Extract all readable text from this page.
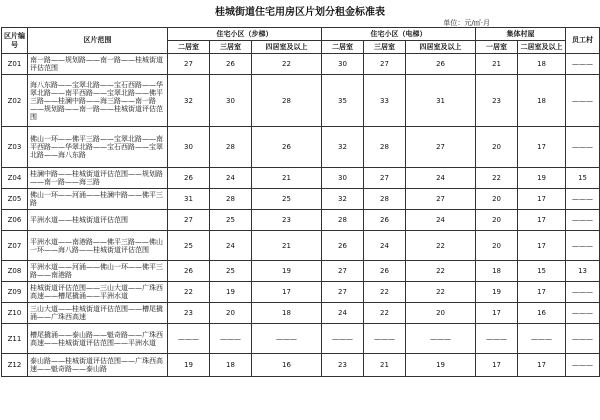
桂城街道住宅用房区片划分租金标准表
单位：元/㎡·月
区片编号	区片范围	住宅小区（步梯）			住宅小区（电梯）			集体村屋		员工村
		二居室	三居室	四居室及以上	二居室	三居室	四居室及以上	一居室	二居室及以上	
Z01	南一路——规划路——南一路——桂城街道评估范围	27	26	22	30	27	26	21	18	———
Z02	海八东路——宝翠北路——宝石西路——华翠北路——南平西路——宝翠北路——佛平三路——桂澜中路——海三路——南一路——规划路——南一路——桂城街道评估范围	32	30	28	35	33	31	23	18	———
Z03	佛山一环——佛平三路——宝翠北路——南平西路——华翠北路——宝石西路——宝翠北路——海八东路	30	28	26	32	28	27	20	17	———
Z04	桂澜中路——桂城街道评估范围——规划路——南一路——海三路	26	24	21	30	27	24	22	19	15
Z05	佛山一环——河涌——桂澜中路——佛平三路	31	28	25	32	28	27	20	17	———
Z06	平洲水道——桂城街道评估范围	27	25	23	28	26	24	20	17	———
Z07	平洲水道——南港路——佛平三路——佛山一环——海八路——桂城街道评估范围	25	24	21	26	24	22	20	17	———
Z08	平洲水道——河涌——佛山一环——佛平三路——南港路	26	25	19	27	26	22	18	15	13
Z09	桂城街道评估范围——三山大道——广珠西高速——槽尾撬涌——平洲水道	22	19	17	27	22	22	19	17	———
Z10	三山大道——桂城街道评估范围——槽尾撬涌——广珠西高速	23	20	18	24	22	20	17	16	———
Z11	槽尾撬涌——泰山路——魁奇路——广珠西高速——桂城街道评估范围——平洲水道	———	———	———	———	———	———	———	———	———
Z12	泰山路——桂城街道评估范围——广珠西高速——魁奇路——泰山路	19	18	16	23	21	19	17	17	———
